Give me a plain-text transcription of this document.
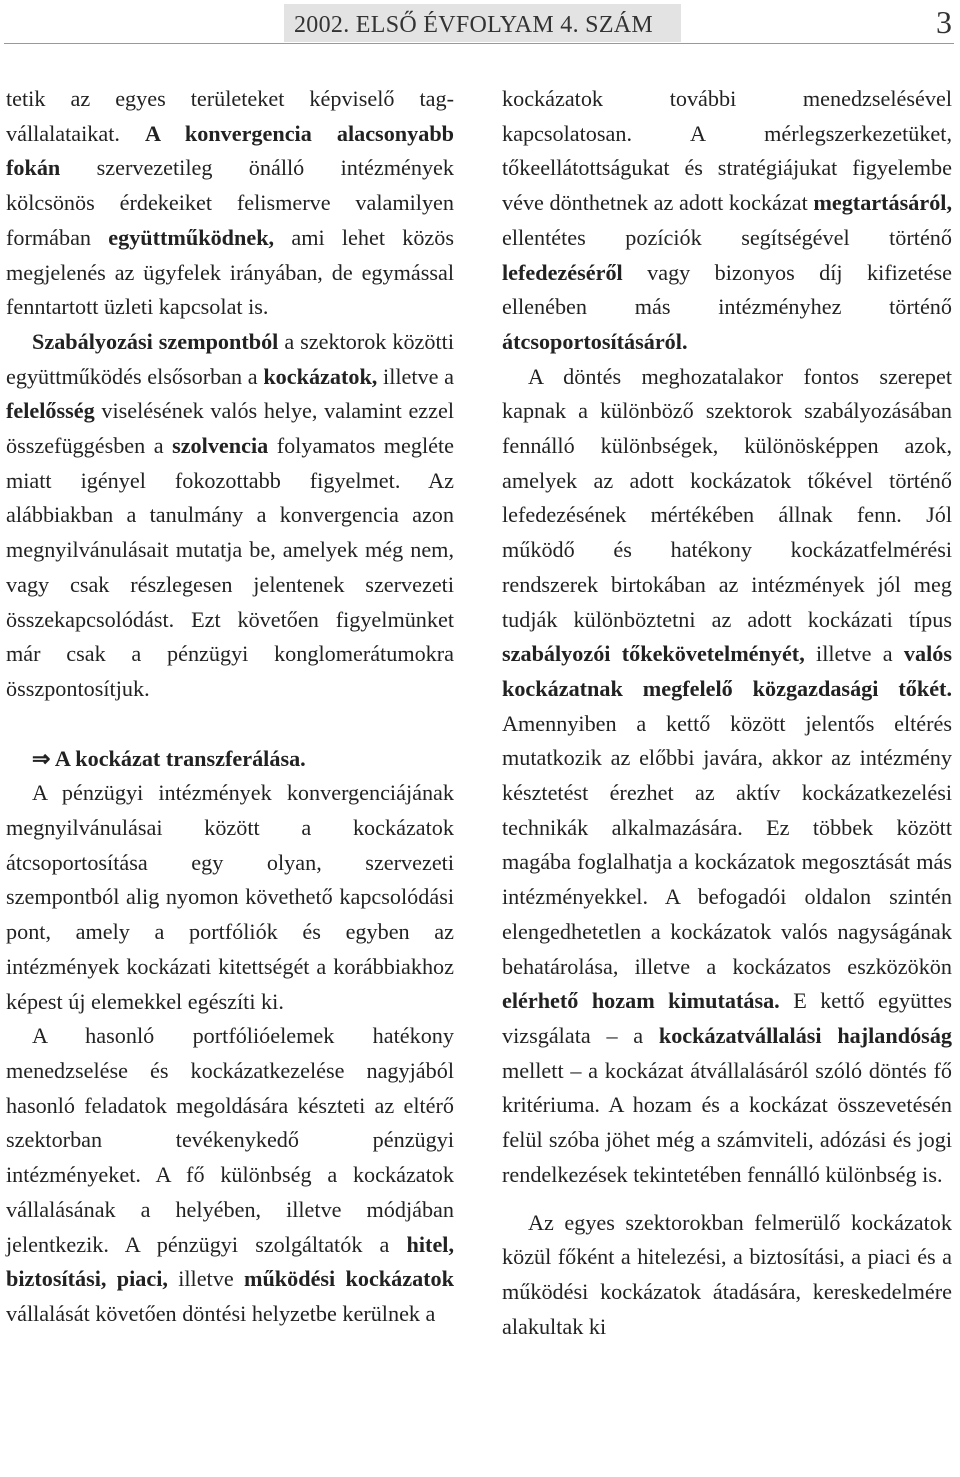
2002. ELSŐ ÉVFOLYAM 4. SZÁM	3

tetik az egyes területeket képviselő tag-vállalataikat. A konvergencia alacsonyabb fokán szervezetileg önálló intézmények kölcsönös érdekeiket felismerve valamilyen formában együttműködnek, ami lehet közös megjelenés az ügyfelek irányában, de egymással fenntartott üzleti kapcsolat is.

Szabályozási szempontból a szektorok közötti együttműködés elsősorban a kockázatok, illetve a felelősség viselésének valós helye, valamint ezzel összefüggésben a szolvencia folyamatos megléte miatt igényel fokozottabb figyelmet. Az alábbiakban a tanulmány a konvergencia azon megnyilvánulásait mutatja be, amelyek még nem, vagy csak részlegesen jelentenek szervezeti összekapcsolódást. Ezt követően figyelmünket már csak a pénzügyi konglomerátumokra összpontosítjuk.

⇒ A kockázat transzferálása.

A pénzügyi intézmények konvergenciájának megnyilvánulásai között a kockázatok átcsoportosítása egy olyan, szervezeti szempontból alig nyomon követhető kapcsolódási pont, amely a portfóliók és egyben az intézmények kockázati kitettségét a korábbiakhoz képest új elemekkel egészíti ki.

A hasonló portfólióelemek hatékony menedzselése és kockázatkezelése nagyjából hasonló feladatok megoldására készteti az eltérő szektorban tevékenykedő pénzügyi intézményeket. A fő különbség a kockázatok vállalásának a helyében, illetve módjában jelentkezik. A pénzügyi szolgáltatók a hitel, biztosítási, piaci, illetve működési kockázatok vállalását követően döntési helyzetbe kerülnek a

kockázatok további menedzselésével kapcsolatosan. A mérlegszerkezetüket, tőkeellátottságukat és stratégiájukat figyelembe véve dönthetnek az adott kockázat megtartásáról, ellentétes pozíciók segítségével történő lefedezéséről vagy bizonyos díj kifizetése ellenében más intézményhez történő átcsoportosításáról.

A döntés meghozatalakor fontos szerepet kapnak a különböző szektorok szabályozásában fennálló különbségek, különösképpen azok, amelyek az adott kockázatok tőkével történő lefedezésének mértékében állnak fenn. Jól működő és hatékony kockázatfelmérési rendszerek birtokában az intézmények jól meg tudják különböztetni az adott kockázati típus szabályozói tőkekövetelményét, illetve a valós kockázatnak megfelelő közgazdasági tőkét. Amennyiben a kettő között jelentős eltérés mutatkozik az előbbi javára, akkor az intézmény késztetést érezhet az aktív kockázatkezelési technikák alkalmazására. Ez többek között magába foglalhatja a kockázatok megosztását más intézményekkel. A befogadói oldalon szintén elengedhetetlen a kockázatok valós nagyságának behatárolása, illetve a kockázatos eszközökön elérhető hozam kimutatása. E kettő együttes vizsgálata – a kockázatvállalási hajlandóság mellett – a kockázat átvállalásáról szóló döntés fő kritériuma. A hozam és a kockázat összevetésén felül szóba jöhet még a számviteli, adózási és jogi rendelkezések tekintetében fennálló különbség is.

Az egyes szektorokban felmerülő kockázatok közül főként a hitelezési, a biztosítási, a piaci és a működési kockázatok átadására, kereskedelmére alakultak ki
